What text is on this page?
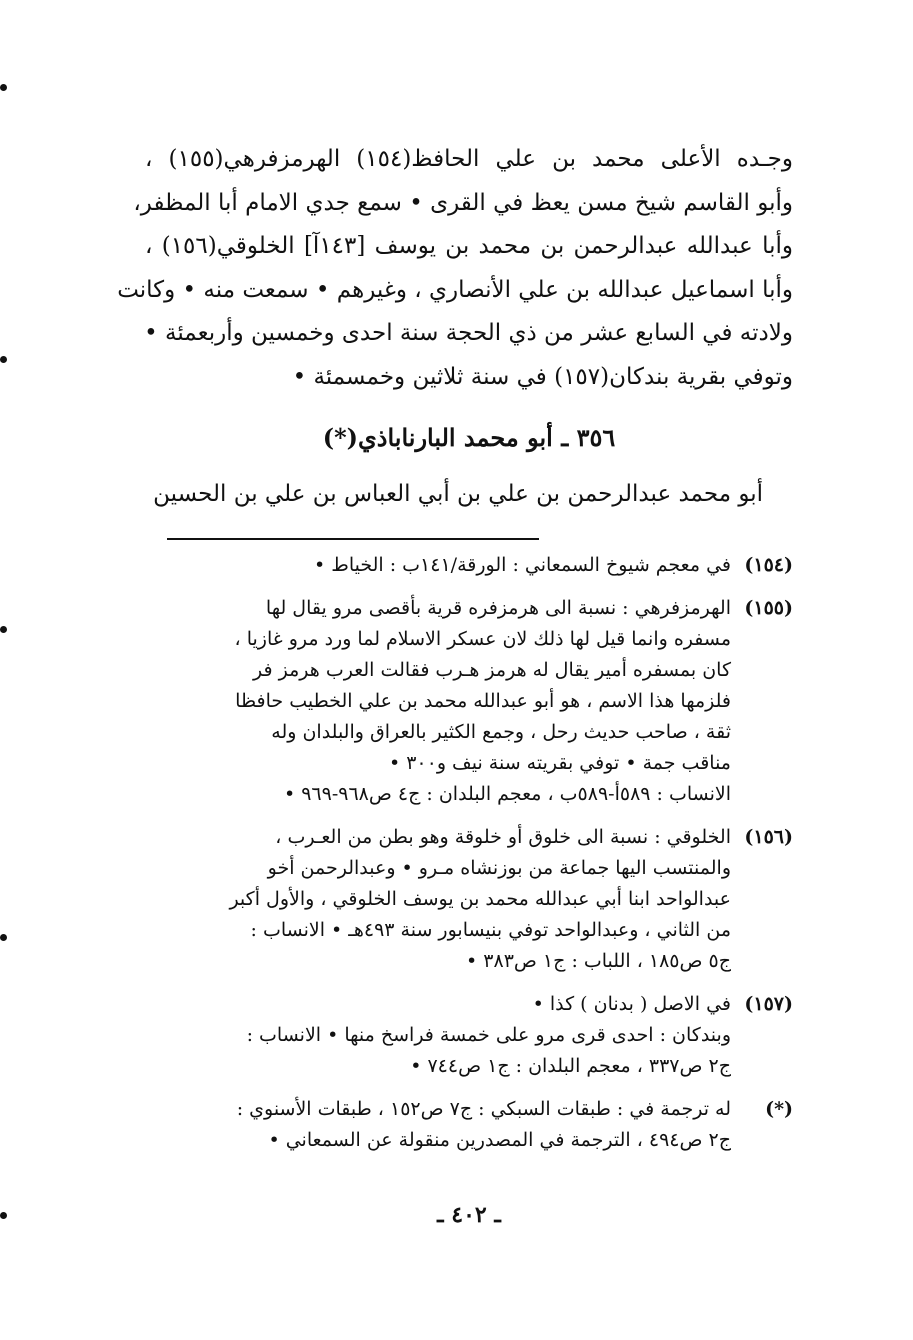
وجـده الأعلى محمد بن علي الحافظ(١٥٤) الهرمزفرهي(١٥٥) ،
وأبو القاسم شيخ مسن يعظ في القرى • سمع جدي الامام أبا المظفر،
وأبا عبدالله عبدالرحمن بن محمد بن يوسف [١٤٣آ] الخلوقي(١٥٦) ،
وأبا اسماعيل عبدالله بن علي الأنصاري ، وغيرهم • سمعت منه • وكانت
ولادته في السابع عشر من ذي الحجة سنة احدى وخمسين وأربعمئة •
وتوفي بقرية بندكان(١٥٧) في سنة ثلاثين وخمسمئة •
٣٥٦ ـ أبو محمد البارناباذي(*)
أبو محمد عبدالرحمن بن علي بن أبي العباس بن علي بن الحسين
(١٥٤)في معجم شيوخ السمعاني : الورقة/١٤١ب : الخياط •
(١٥٥)الهرمزفرهي : نسبة الى هرمزفره قرية بأقصى مرو يقال لها
مسفره وانما قيل لها ذلك لان عسكر الاسلام لما ورد مرو غازيا ،
كان بمسفره أمير يقال له هرمز هـرب فقالت العرب هرمز فر
فلزمها هذا الاسم ، هو أبو عبدالله محمد بن علي الخطيب حافظا
ثقة ، صاحب حديث رحل ، وجمع الكثير بالعراق والبلدان وله
مناقب جمة • توفي بقريته سنة نيف و٣٠٠ •
الانساب : ٥٨٩أ-٥٨٩ب ، معجم البلدان : ج٤ ص٩٦٨-٩٦٩ •
(١٥٦)الخلوقي : نسبة الى خلوق أو خلوقة وهو بطن من العـرب ،
والمنتسب اليها جماعة من بوزنشاه مـرو • وعبدالرحمن أخو
عبدالواحد ابنا أبي عبدالله محمد بن يوسف الخلوقي ، والأول أكبر
من الثاني ، وعبدالواحد توفي بنيسابور سنة ٤٩٣هـ • الانساب :
ج٥ ص١٨٥ ، اللباب : ج١ ص٣٨٣ •
(١٥٧)في الاصل ( بدنان ) كذا •
وبندكان : احدى قرى مرو على خمسة فراسخ منها • الانساب :
ج٢ ص٣٣٧ ، معجم البلدان : ج١ ص٧٤٤ •
(*)له ترجمة في : طبقات السبكي : ج٧ ص١٥٢ ، طبقات الأسنوي :
ج٢ ص٤٩٤ ، الترجمة في المصدرين منقولة عن السمعاني •
ـ ٤٠٢ ـ
